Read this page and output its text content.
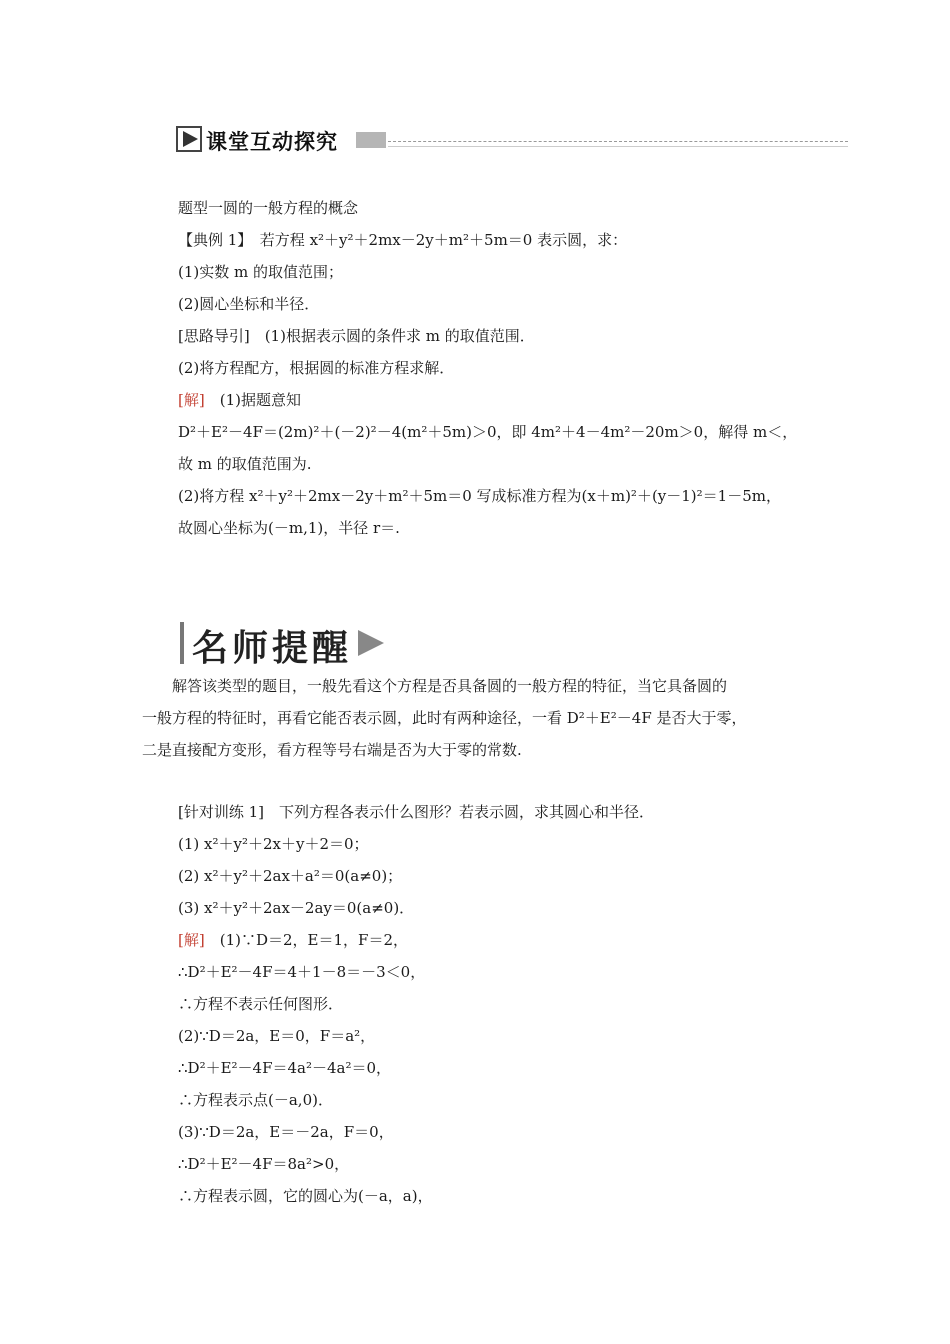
课堂互动探究
题型一圆的一般方程的概念
【典例 1】　若方程 x²＋y²＋2mx－2y＋m²＋5m＝0 表示圆，求：
(1)实数 m 的取值范围；
(2)圆心坐标和半径．
[思路导引]　(1)根据表示圆的条件求 m 的取值范围．
(2)将方程配方，根据圆的标准方程求解．
[解]　(1)据题意知
D²＋E²－4F＝(2m)²＋(－2)²－4(m²＋5m)＞0，即 4m²＋4－4m²－20m＞0，解得 m＜，
故 m 的取值范围为.
(2)将方程 x²＋y²＋2mx－2y＋m²＋5m＝0 写成标准方程为(x＋m)²＋(y－1)²＝1－5m，
故圆心坐标为(－m,1)，半径 r＝.
名师提醒
　　解答该类型的题目，一般先看这个方程是否具备圆的一般方程的特征，当它具备圆的
一般方程的特征时，再看它能否表示圆，此时有两种途径，一看 D²＋E²－4F 是否大于零，
二是直接配方变形，看方程等号右端是否为大于零的常数.
[针对训练 1]　下列方程各表示什么图形？若表示圆，求其圆心和半径．
(1) x²＋y²＋2x＋y＋2＝0；
(2) x²＋y²＋2ax＋a²＝0(a≠0)；
(3) x²＋y²＋2ax－2ay＝0(a≠0)．
[解]　(1)∵D＝2，E＝1，F＝2，
∴D²＋E²－4F＝4＋1－8＝－3＜0，
∴方程不表示任何图形．
(2)∵D＝2a，E＝0，F＝a²，
∴D²＋E²－4F＝4a²－4a²＝0，
∴方程表示点(－a,0)．
(3)∵D＝2a，E＝－2a，F＝0，
∴D²＋E²－4F＝8a²>0，
∴方程表示圆，它的圆心为(－a，a)，
